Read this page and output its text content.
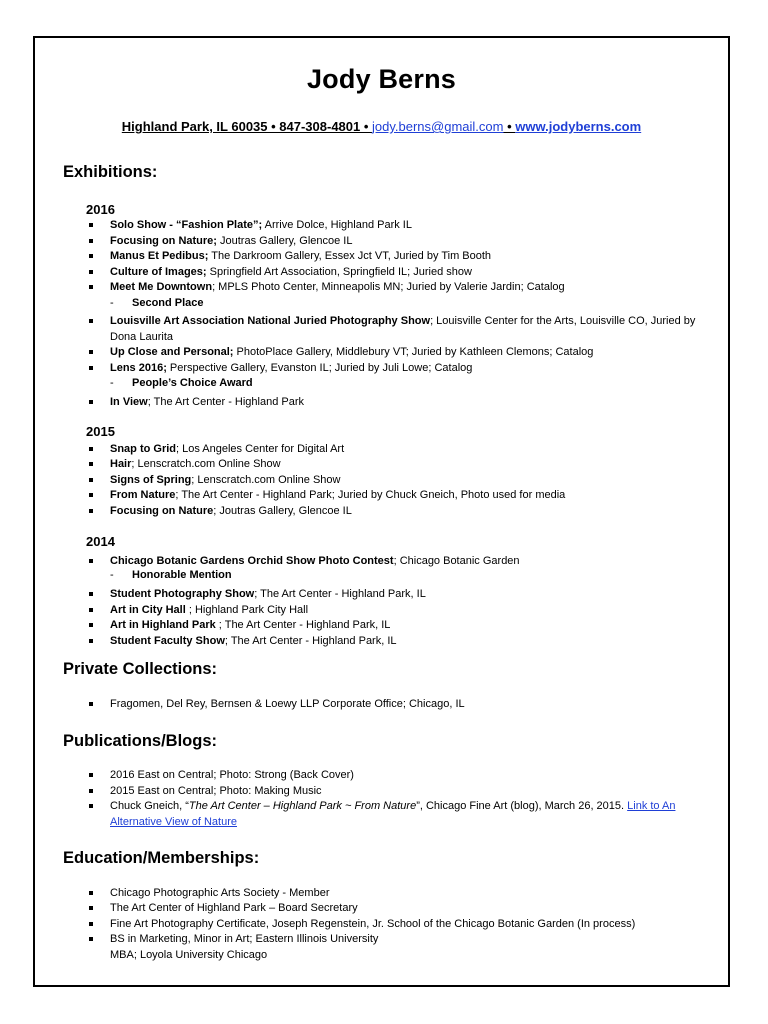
Jody Berns
Highland Park, IL 60035 • 847-308-4801 • jody.berns@gmail.com • www.jodyberns.com
Exhibitions:
2016
Solo Show - “Fashion Plate”; Arrive Dolce, Highland Park IL
Focusing on Nature; Joutras Gallery, Glencoe IL
Manus Et Pedibus; The Darkroom Gallery, Essex Jct VT, Juried by Tim Booth
Culture of Images; Springfield Art Association, Springfield IL; Juried show
Meet Me Downtown; MPLS Photo Center, Minneapolis MN; Juried by Valerie Jardin; Catalog
- Second Place
Louisville Art Association National Juried Photography Show; Louisville Center for the Arts, Louisville CO, Juried by Dona Laurita
Up Close and Personal; PhotoPlace Gallery, Middlebury VT; Juried by Kathleen Clemons; Catalog
Lens 2016; Perspective Gallery, Evanston IL; Juried by Juli Lowe; Catalog
- People’s Choice Award
In View; The Art Center - Highland Park
2015
Snap to Grid; Los Angeles Center for Digital Art
Hair; Lenscratch.com Online Show
Signs of Spring; Lenscratch.com Online Show
From Nature; The Art Center - Highland Park; Juried by Chuck Gneich, Photo used for media
Focusing on Nature; Joutras Gallery, Glencoe IL
2014
Chicago Botanic Gardens Orchid Show Photo Contest; Chicago Botanic Garden
- Honorable Mention
Student Photography Show; The Art Center - Highland Park, IL
Art in City Hall ; Highland Park City Hall
Art in Highland Park ; The Art Center - Highland Park, IL
Student Faculty Show; The Art Center - Highland Park, IL
Private Collections:
Fragomen, Del Rey, Bernsen & Loewy LLP Corporate Office; Chicago, IL
Publications/Blogs:
2016 East on Central; Photo: Strong (Back Cover)
2015 East on Central; Photo: Making Music
Chuck Gneich, “The Art Center – Highland Park ~ From Nature”, Chicago Fine Art (blog), March 26, 2015. Link to An Alternative View of Nature
Education/Memberships:
Chicago Photographic Arts Society - Member
The Art Center of Highland Park – Board Secretary
Fine Art Photography Certificate, Joseph Regenstein, Jr. School of the Chicago Botanic Garden (In process)
BS in Marketing, Minor in Art; Eastern Illinois University
MBA; Loyola University Chicago
